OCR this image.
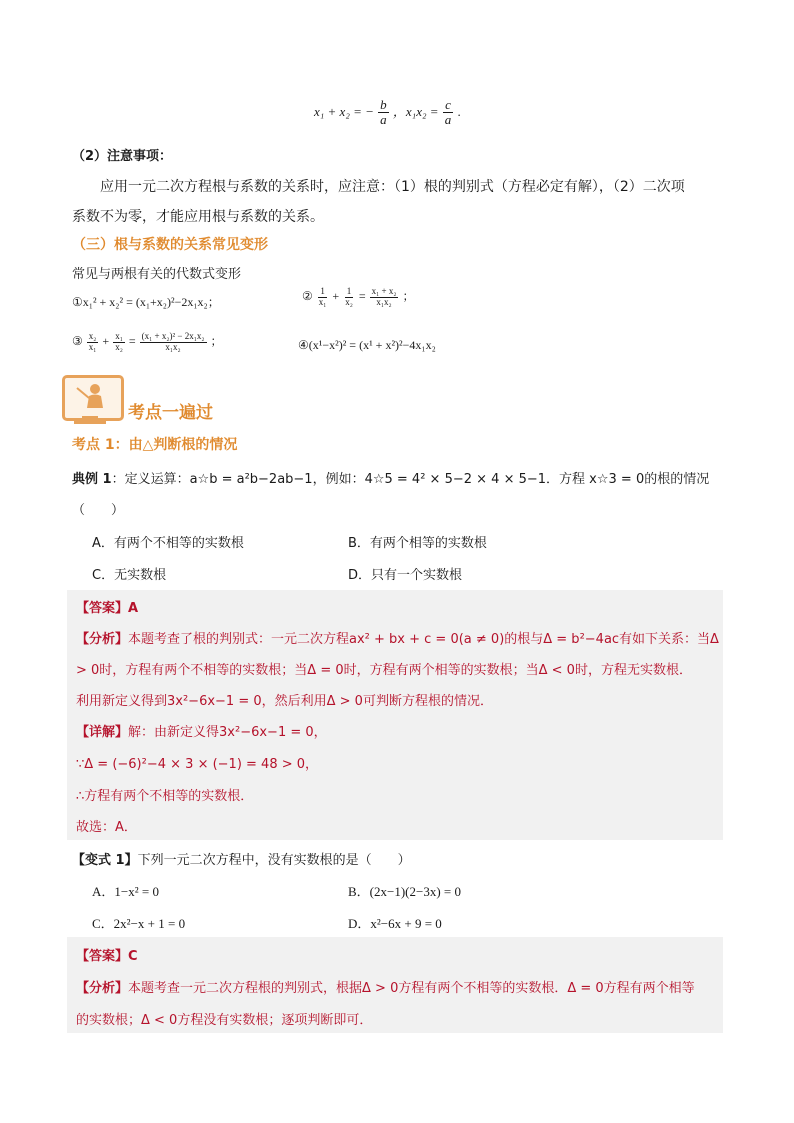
x₁ + x₂ = − $\frac{b}{a}$ ，$x_1x_2 = \frac{c}{a}$ .
（2）注意事项：
应用一元二次方程根与系数的关系时，应注意：（1）根的判别式（方程必定有解），（2）二次项
系数不为零，才能应用根与系数的关系。
（三）根与系数的关系常见变形
常见与两根有关的代数式变形
①x₁² + x₂² = (x₁+x₂)²−2x₁x₂；	② $\frac{1}{\text{x₁}} + \frac{1}{\text{x₂}} = \frac{\text{x₁ + x₂}}{\text{x₁x₂}}$ ；
③ $\frac{\text{x₂}}{\text{x₁}} + \frac{\text{x₁}}{\text{x₂}} = \frac{\text{(x₁ + x₂)² − 2x₁x₂}}{\text{x₁x₂}}$ ；	④(x¹−x²)² = (x¹ + x²)²−4x₁x₂
考点一遍过
考点 1：由△判断根的情况
典例 1：定义运算：a☆b = a²b−2ab−1，例如：4☆5 = 4² × 5−2 × 4 × 5−1．方程 x☆3 = 0的根的情况
（　　）
A．有两个不相等的实数根	B．有两个相等的实数根
C．无实数根	D．只有一个实数根
【答案】A
【分析】本题考查了根的判别式：一元二次方程ax² + bx + c = 0(a ≠ 0)的根与Δ = b²−4ac有如下关系：当Δ
> 0时，方程有两个不相等的实数根；当Δ = 0时，方程有两个相等的实数根；当Δ < 0时，方程无实数根．
利用新定义得到3x²−6x−1 = 0，然后利用Δ > 0可判断方程根的情况．
【详解】解：由新定义得3x²−6x−1 = 0，
∵Δ = (−6)²−4 × 3 × (−1) = 48 > 0，
∴方程有两个不相等的实数根．
故选：A．
【变式 1】下列一元二次方程中，没有实数根的是（　　）
A．1−x² = 0	B．(2x−1)(2−3x) = 0
C．2x²−x + 1 = 0	D．x²−6x + 9 = 0
【答案】C
【分析】本题考查一元二次方程根的判别式，根据Δ > 0方程有两个不相等的实数根．Δ = 0方程有两个相等
的实数根；Δ < 0方程没有实数根；逐项判断即可．
